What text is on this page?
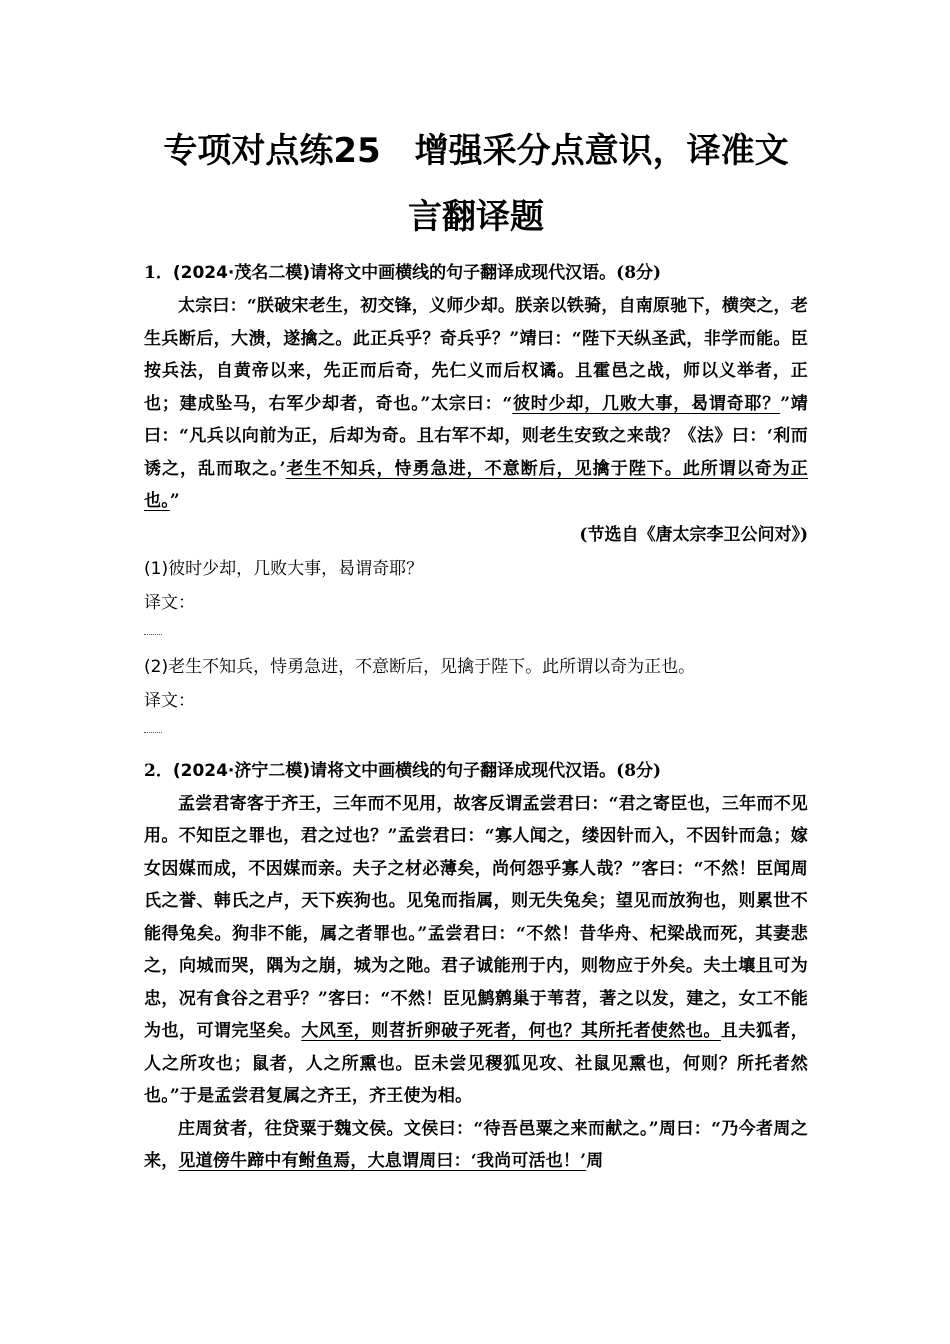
专项对点练25　增强采分点意识，译准文
言翻译题
1．(2024·茂名二模)请将文中画横线的句子翻译成现代汉语。(8分)

太宗曰：“朕破宋老生，初交锋，义师少却。朕亲以铁骑，自南原驰下，横突之，老生兵断后，大溃，遂擒之。此正兵乎？奇兵乎？”靖曰：“陛下天纵圣武，非学而能。臣按兵法，自黄帝以来，先正而后奇，先仁义而后权谲。且霍邑之战，师以义举者，正也；建成坠马，右军少却者，奇也。”太宗曰：“彼时少却，几败大事，曷谓奇耶？”靖曰：“凡兵以向前为正，后却为奇。且右军不却，则老生安致之来哉？《法》曰：‘利而诱之，乱而取之。’老生不知兵，恃勇急进，不意断后，见擒于陛下。此所谓以奇为正也。”

(节选自《唐太宗李卫公问对》)
(1)彼时少却，几败大事，曷谓奇耶？
译文：
(2)老生不知兵，恃勇急进，不意断后，见擒于陛下。此所谓以奇为正也。
译文：
2．(2024·济宁二模)请将文中画横线的句子翻译成现代汉语。(8分)

孟尝君寄客于齐王，三年而不见用，故客反谓孟尝君曰：“君之寄臣也，三年而不见用。不知臣之罪也，君之过也？”孟尝君曰：“寡人闻之，缕因针而入，不因针而急；嫁女因媒而成，不因媒而亲。夫子之材必薄矣，尚何怨乎寡人哉？”客曰：“不然！臣闻周氏之誉、韩氏之卢，天下疾狗也。见兔而指属，则无失兔矣；望见而放狗也，则累世不能得兔矣。狗非不能，属之者罪也。”孟尝君曰：“不然！昔华舟、杞梁战而死，其妻悲之，向城而哭，隅为之崩，城为之阤。君子诚能刑于内，则物应于外矣。夫土壤且可为忠，况有食谷之君乎？”客曰：“不然！臣见鹪鹩巢于苇苕，著之以发，建之，女工不能为也，可谓完坚矣。大风至，则苕折卵破子死者，何也？其所托者使然也。且夫狐者，人之所攻也；鼠者，人之所熏也。臣未尝见稷狐见攻、社鼠见熏也，何则？所托者然也。”于是孟尝君复属之齐王，齐王使为相。

庄周贫者，往贷粟于魏文侯。文侯曰：“待吾邑粟之来而献之。”周曰：“乃今者周之来，见道傍牛蹄中有鲋鱼焉，大息谓周曰：‘我尚可活也！’周
